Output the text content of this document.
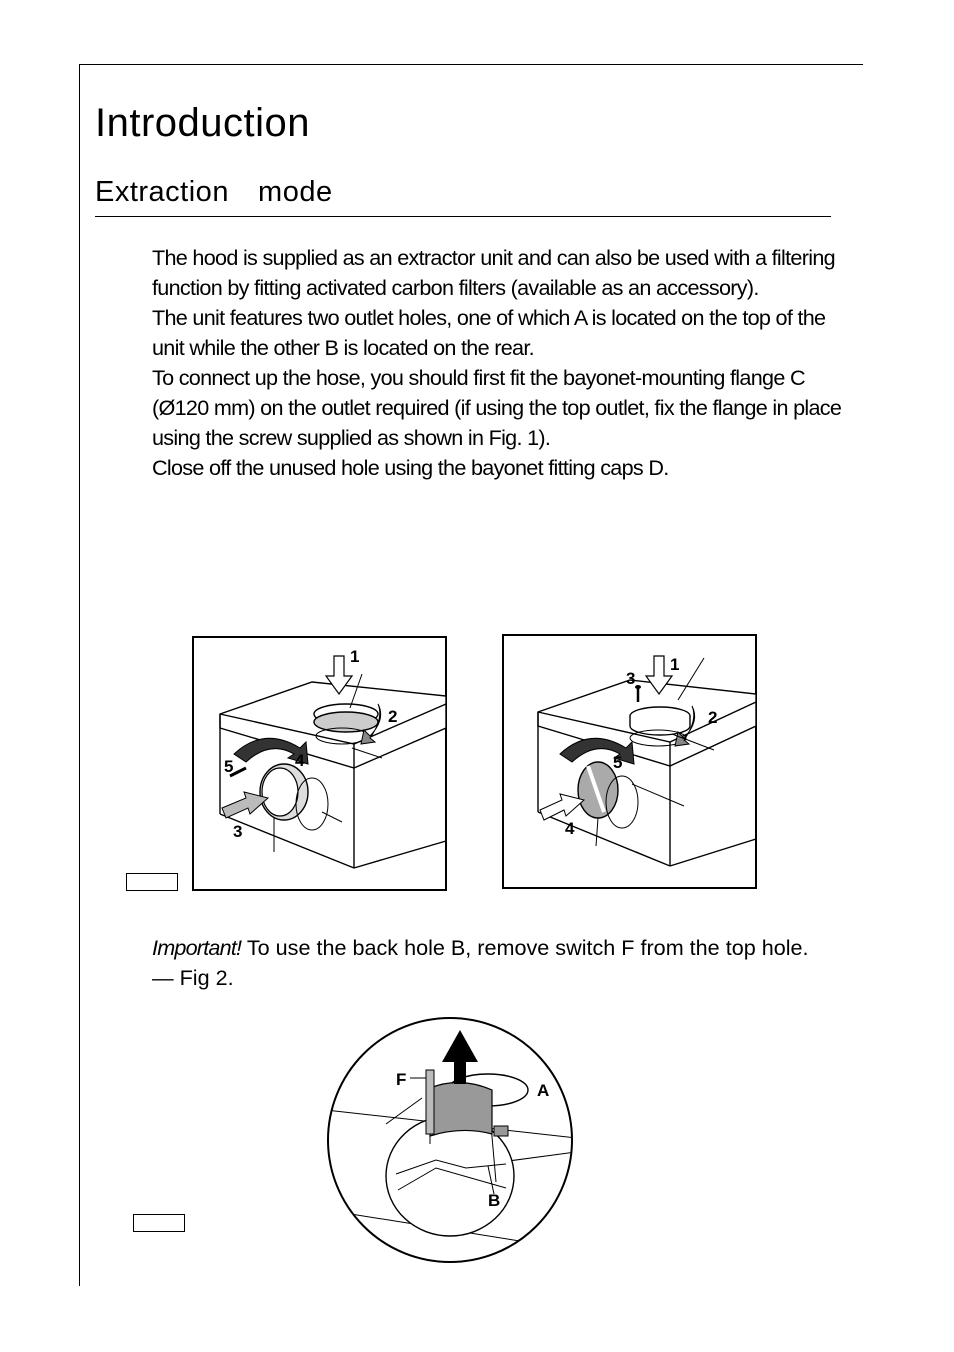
Introduction
Extraction  mode

The hood is supplied as an extractor unit and can also be used with a filtering function by fitting activated carbon filters (available as an accessory).

The unit features two outlet holes, one of which A is located on the top of the unit while the other B is located on the rear.

To connect up the hose, you should first fit the bayonet-mounting flange C (Ø120 mm) on the outlet required (if using the top outlet, fix the flange in place using the screw supplied as shown in Fig. 1).

Close off the unused hole using the bayonet fitting caps D.

1
2
3
4
5
1
2
3
4
5
Important! To use the back hole B, remove switch F from the top hole. — Fig 2.
F
A
B
